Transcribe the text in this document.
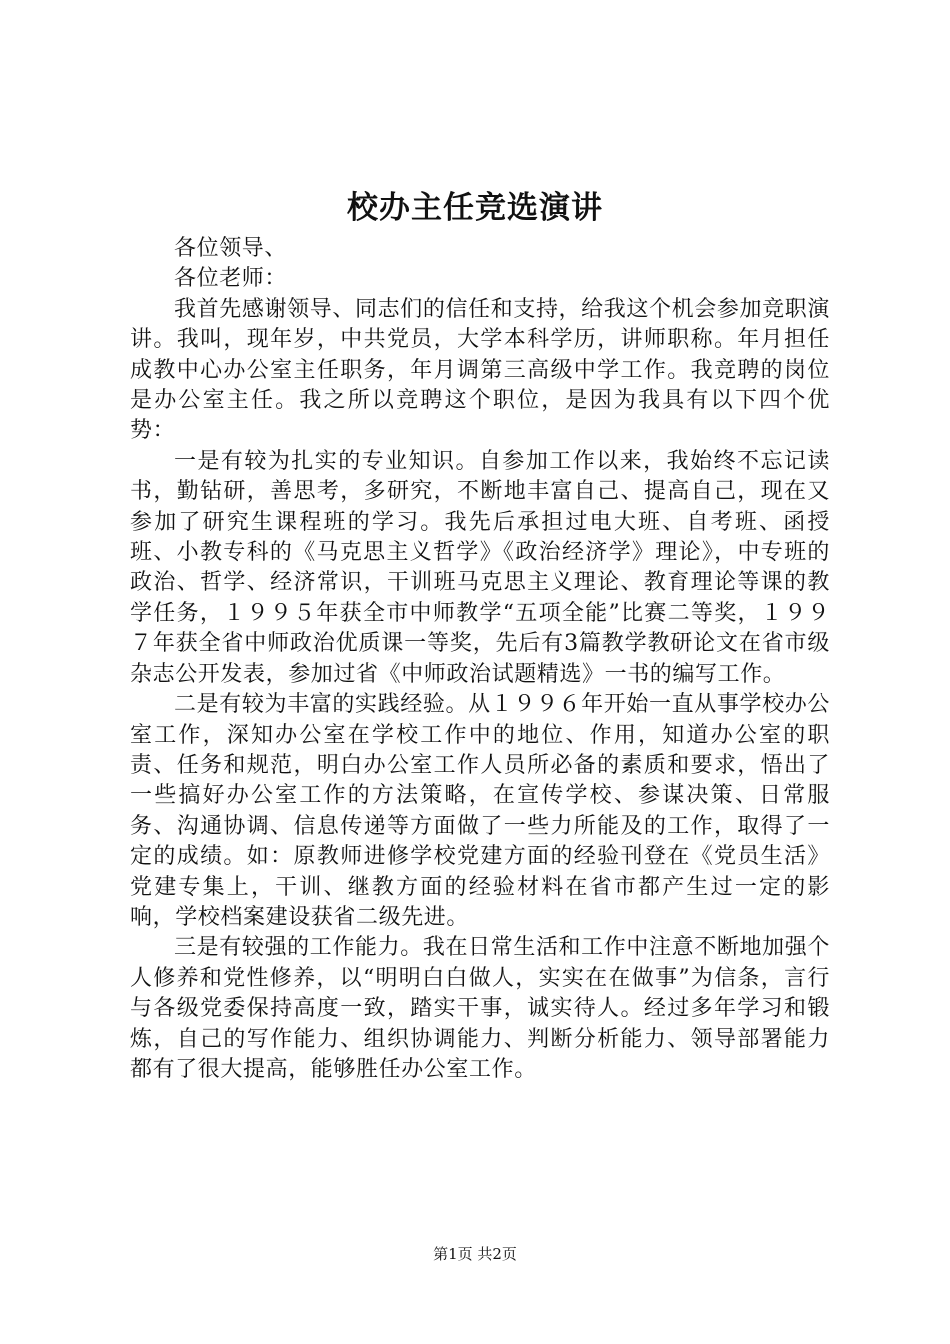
校办主任竞选演讲

各位领导、

各位老师：

我首先感谢领导、同志们的信任和支持，给我这个机会参加竞职演讲。我叫，现年岁，中共党员，大学本科学历，讲师职称。年月担任成教中心办公室主任职务，年月调第三高级中学工作。我竞聘的岗位是办公室主任。我之所以竞聘这个职位，是因为我具有以下四个优势：

一是有较为扎实的专业知识。自参加工作以来，我始终不忘记读书，勤钻研，善思考，多研究，不断地丰富自己、提高自己，现在又参加了研究生课程班的学习。我先后承担过电大班、自考班、函授班、小教专科的《马克思主义哲学》《政治经济学》理论》，中专班的政治、哲学、经济常识，干训班马克思主义理论、教育理论等课的教学任务，１９９５年获全市中师教学“五项全能”比赛二等奖，１９９７年获全省中师政治优质课一等奖，先后有3篇教学教研论文在省市级杂志公开发表，参加过省《中师政治试题精选》一书的编写工作。

二是有较为丰富的实践经验。从１９９６年开始一直从事学校办公室工作，深知办公室在学校工作中的地位、作用，知道办公室的职责、任务和规范，明白办公室工作人员所必备的素质和要求，悟出了一些搞好办公室工作的方法策略，在宣传学校、参谋决策、日常服务、沟通协调、信息传递等方面做了一些力所能及的工作，取得了一定的成绩。如：原教师进修学校党建方面的经验刊登在《党员生活》党建专集上，干训、继教方面的经验材料在省市都产生过一定的影响，学校档案建设获省二级先进。

三是有较强的工作能力。我在日常生活和工作中注意不断地加强个人修养和党性修养，以“明明白白做人，实实在在做事”为信条，言行与各级党委保持高度一致，踏实干事，诚实待人。经过多年学习和锻炼，自己的写作能力、组织协调能力、判断分析能力、领导部署能力都有了很大提高，能够胜任办公室工作。

第1页 共2页
